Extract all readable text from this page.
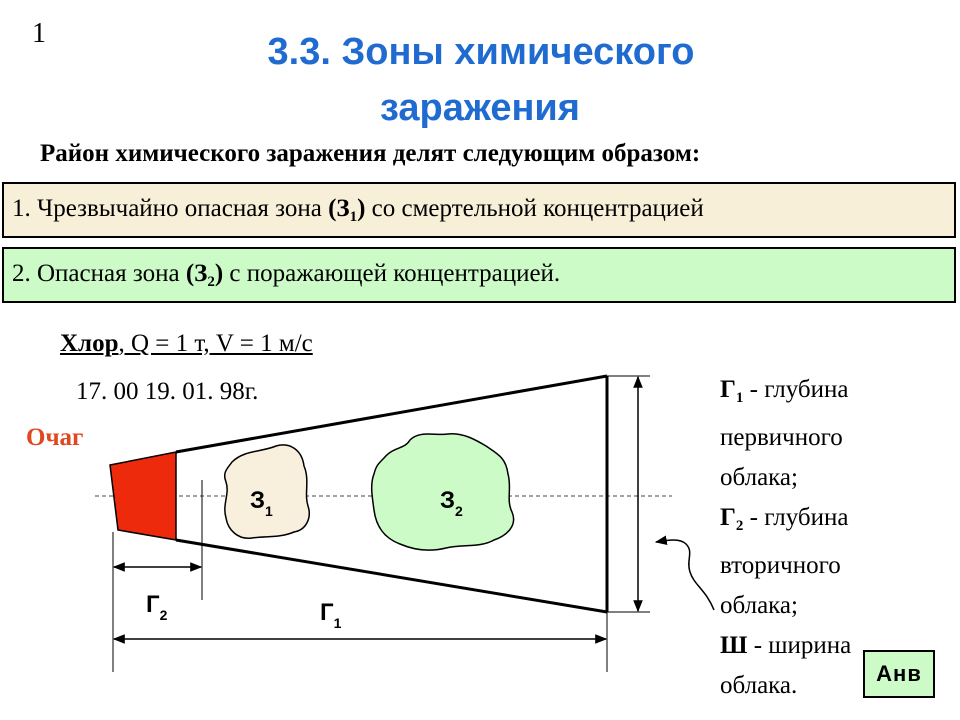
1	3.3. Зоны химического
заражения
Район химического заражения делят следующим образом:
1. Чрезвычайно опасная зона $(З_1)$ со смертельной концентрацией
2. Опасная зона $(З_2)$ с поражающей концентрацией.
Хлор, Q = 1 т, V = 1 м/с
17. 00 19. 01. 98г.
Очаг
$З_1$	$З_2$
$Г_2$	$Г_1$
$Г_1$ - глубина
первичного
облака;
$Г_2$ - глубина
вторичного
облака;
Ш - ширина
облака.	Анв
